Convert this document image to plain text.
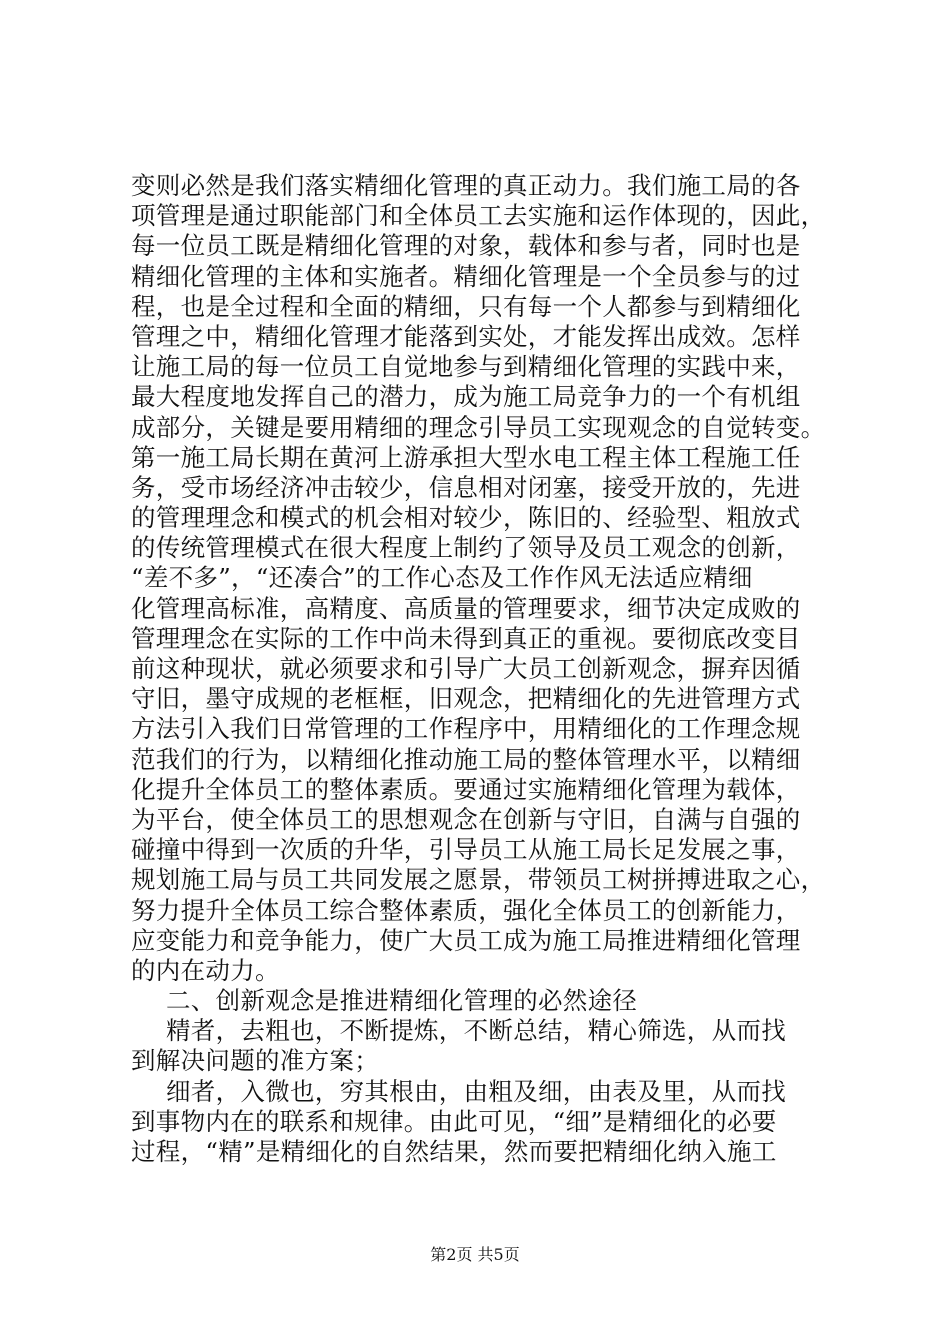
变则必然是我们落实精细化管理的真正动力。我们施工局的各
项管理是通过职能部门和全体员工去实施和运作体现的，因此，
每一位员工既是精细化管理的对象，载体和参与者，同时也是
精细化管理的主体和实施者。精细化管理是一个全员参与的过
程，也是全过程和全面的精细，只有每一个人都参与到精细化
管理之中，精细化管理才能落到实处，才能发挥出成效。怎样
让施工局的每一位员工自觉地参与到精细化管理的实践中来，
最大程度地发挥自己的潜力，成为施工局竞争力的一个有机组
成部分，关键是要用精细的理念引导员工实现观念的自觉转变。
第一施工局长期在黄河上游承担大型水电工程主体工程施工任
务，受市场经济冲击较少，信息相对闭塞，接受开放的，先进
的管理理念和模式的机会相对较少，陈旧的、经验型、粗放式
的传统管理模式在很大程度上制约了领导及员工观念的创新，
“差不多”，“还凑合”的工作心态及工作作风无法适应精细
化管理高标准，高精度、高质量的管理要求，细节决定成败的
管理理念在实际的工作中尚未得到真正的重视。要彻底改变目
前这种现状，就必须要求和引导广大员工创新观念，摒弃因循
守旧，墨守成规的老框框，旧观念，把精细化的先进管理方式
方法引入我们日常管理的工作程序中，用精细化的工作理念规
范我们的行为，以精细化推动施工局的整体管理水平，以精细
化提升全体员工的整体素质。要通过实施精细化管理为载体，
为平台，使全体员工的思想观念在创新与守旧，自满与自强的
碰撞中得到一次质的升华，引导员工从施工局长足发展之事，
规划施工局与员工共同发展之愿景，带领员工树拼搏进取之心，
努力提升全体员工综合整体素质，强化全体员工的创新能力，
应变能力和竞争能力，使广大员工成为施工局推进精细化管理
的内在动力。
二、创新观念是推进精细化管理的必然途径
精者，去粗也，不断提炼，不断总结，精心筛选，从而找
到解决问题的准方案；
细者，入微也，穷其根由，由粗及细，由表及里，从而找
到事物内在的联系和规律。由此可见，“细”是精细化的必要
过程，“精”是精细化的自然结果，然而要把精细化纳入施工
第2页 共5页
